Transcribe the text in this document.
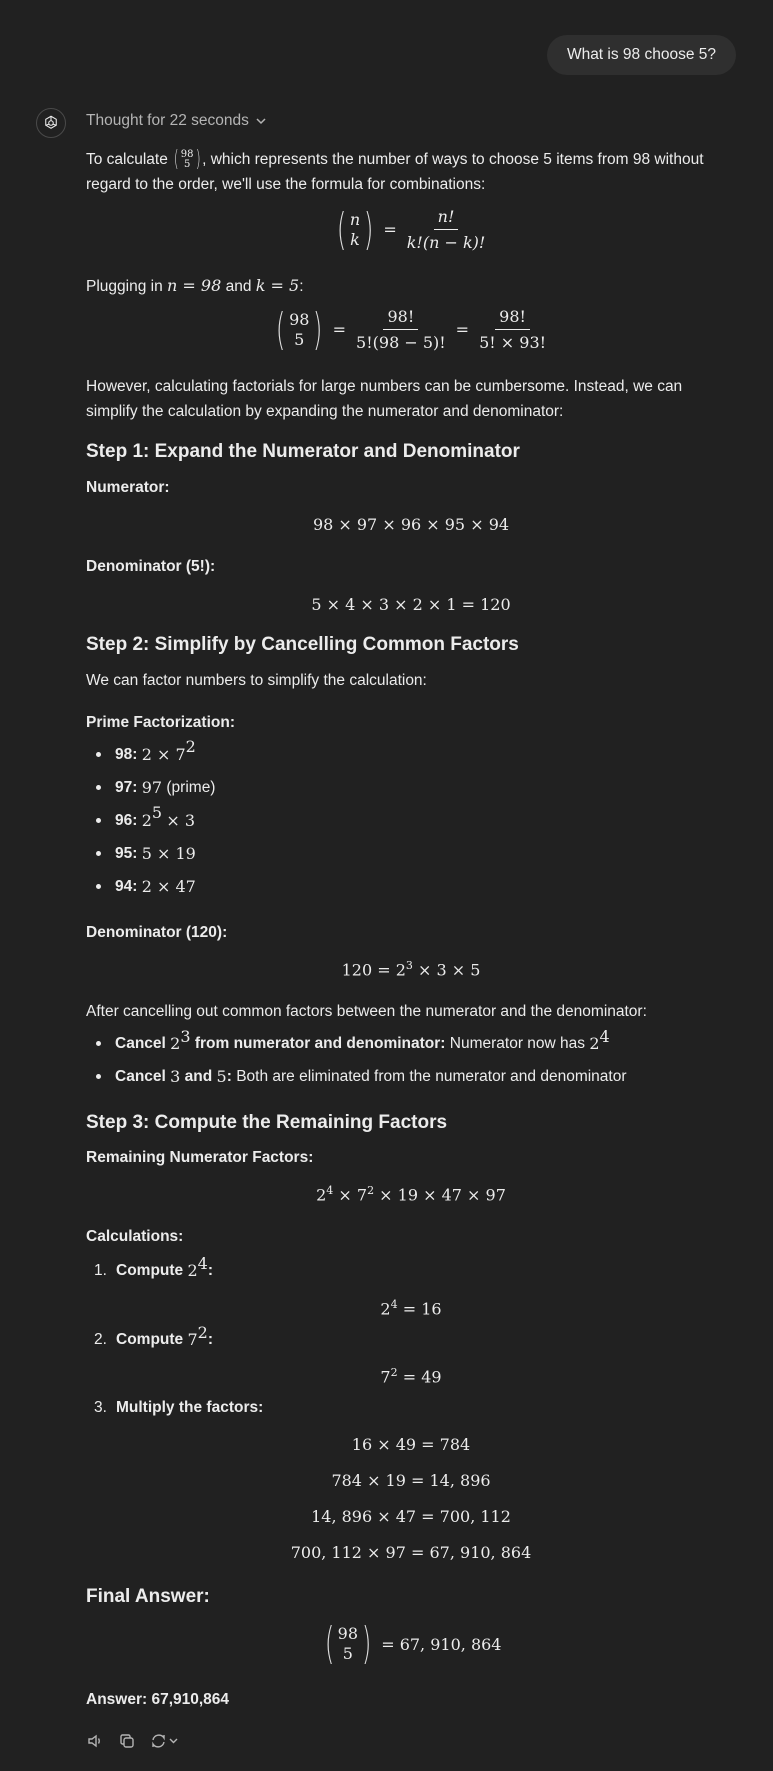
What is 98 choose 5?
Thought for 22 seconds
To calculate ( 98
5 ) , which represents the number of ways to choose 5 items from 98 without regard to the order, we'll use the formula for combinations:
( n
k ) = $\frac{n!}{k!(n - k)!}$
Plugging in n = 98 and k = 5:
( 98
5 ) = $\frac{98!}{5!(98 - 5)!} = \frac{98!}{5! \times 93!}$
However, calculating factorials for large numbers can be cumbersome. Instead, we can simplify the calculation by expanding the numerator and denominator:
Step 1: Expand the Numerator and Denominator
Numerator:
98 × 97 × 96 × 95 × 94
Denominator (5!):
5 × 4 × 3 × 2 × 1 = 120
Step 2: Simplify by Cancelling Common Factors
We can factor numbers to simplify the calculation:
Prime Factorization:
98:
$2 \times 7^2$
97:
97
(prime)
96:
$2^5$
× 3
95:
5 × 19
94:
2 × 47
Denominator (120):
$120 = 2^3 \times 3 \times 5$
After cancelling out common factors between the numerator and the denominator:
Cancel
$2^3$
from numerator and denominator:
Numerator now has
$2^4$
Cancel
3
and
5 :
Both are eliminated from the numerator and denominator
Step 3: Compute the Remaining Factors
Remaining Numerator Factors:
$2^4 \times 7^2 \times 19 \times 47 \times 97$
Calculations:
1. Compute
$2^4$ :
$2^4 = 16$
2. Compute
$7^2$ :
$7^2 = 49$
3. Multiply the factors:
16 × 49 = 784
784 × 19 = 14, 896
14, 896 × 47 = 700, 112
700, 112 × 97 = 67, 910, 864
Final Answer:
( 98
5 ) = 67, 910, 864
Answer: 67,910,864
